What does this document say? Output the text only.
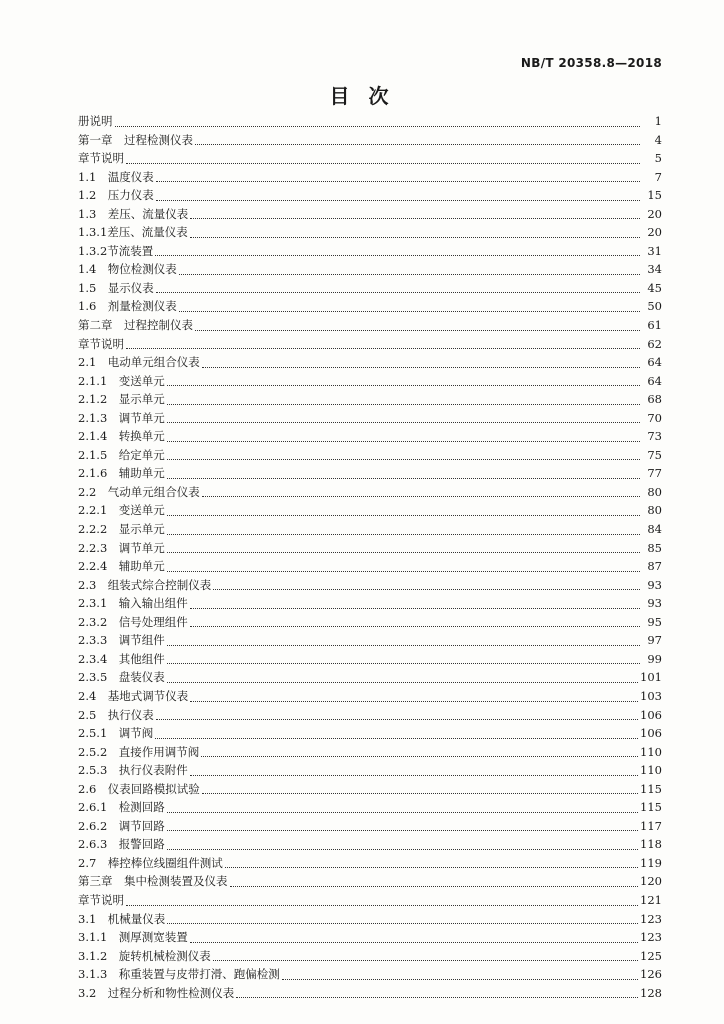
NB/T 20358.8—2018
目 次
册说明	1
第一章　过程检测仪表	4
章节说明	5
1.1　温度仪表	7
1.2　压力仪表	15
1.3　差压、流量仪表	20
1.3.1差压、流量仪表	20
1.3.2节流装置	31
1.4　物位检测仪表	34
1.5　显示仪表	45
1.6　剂量检测仪表	50
第二章　过程控制仪表	61
章节说明	62
2.1　电动单元组合仪表	64
2.1.1　变送单元	64
2.1.2　显示单元	68
2.1.3　调节单元	70
2.1.4　转换单元	73
2.1.5　给定单元	75
2.1.6　辅助单元	77
2.2　气动单元组合仪表	80
2.2.1　变送单元	80
2.2.2　显示单元	84
2.2.3　调节单元	85
2.2.4　辅助单元	87
2.3　组装式综合控制仪表	93
2.3.1　输入输出组件	93
2.3.2　信号处理组件	95
2.3.3　调节组件	97
2.3.4　其他组件	99
2.3.5　盘装仪表	101
2.4　基地式调节仪表	103
2.5　执行仪表	106
2.5.1　调节阀	106
2.5.2　直接作用调节阀	110
2.5.3　执行仪表附件	110
2.6　仪表回路模拟试验	115
2.6.1　检测回路	115
2.6.2　调节回路	117
2.6.3　报警回路	118
2.7　棒控棒位线圈组件测试	119
第三章　集中检测装置及仪表	120
章节说明	121
3.1　机械量仪表	123
3.1.1　测厚测宽装置	123
3.1.2　旋转机械检测仪表	125
3.1.3　称重装置与皮带打滑、跑偏检测	126
3.2　过程分析和物性检测仪表	128
